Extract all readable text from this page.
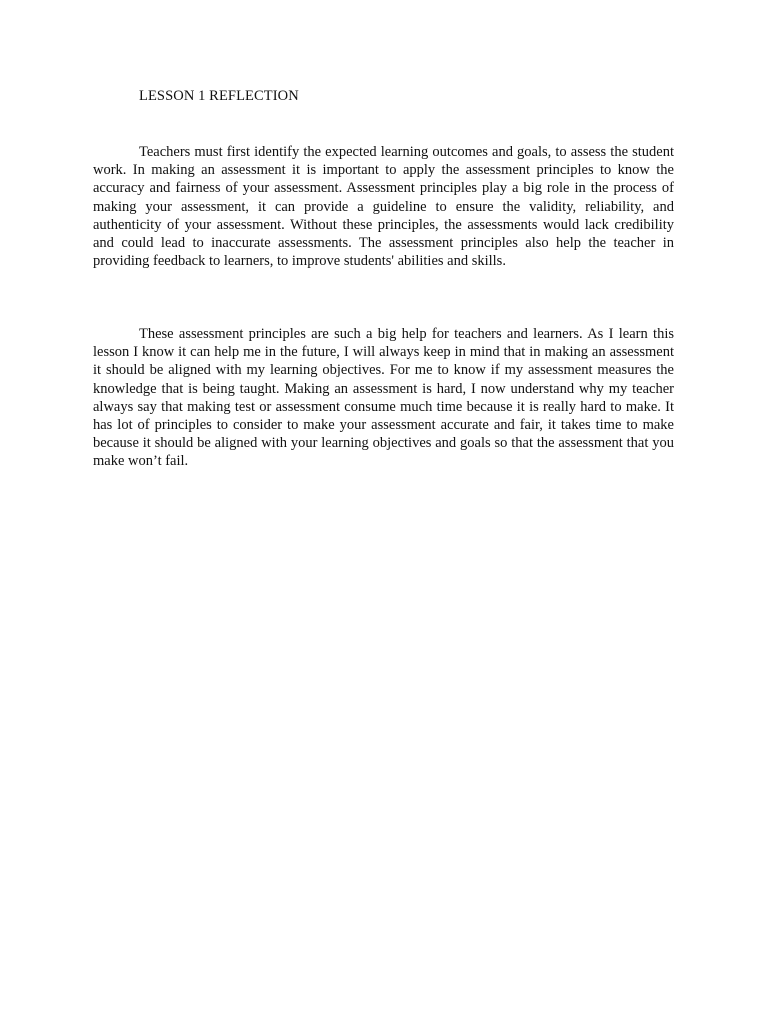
LESSON 1 REFLECTION

Teachers must first identify the expected learning outcomes and goals, to assess the student work. In making an assessment it is important to apply the assessment principles to know the accuracy and fairness of your assessment. Assessment principles play a big role in the process of making your assessment, it can provide a guideline to ensure the validity, reliability, and authenticity of your assessment. Without these principles, the assessments would lack credibility and could lead to inaccurate assessments. The assessment principles also help the teacher in providing feedback to learners, to improve students' abilities and skills.

These assessment principles are such a big help for teachers and learners. As I learn this lesson I know it can help me in the future, I will always keep in mind that in making an assessment it should be aligned with my learning objectives. For me to know if my assessment measures the knowledge that is being taught. Making an assessment is hard, I now understand why my teacher always say that making test or assessment consume much time because it is really hard to make. It has lot of principles to consider to make your assessment accurate and fair, it takes time to make because it should be aligned with your learning objectives and goals so that the assessment that you make won’t fail.
